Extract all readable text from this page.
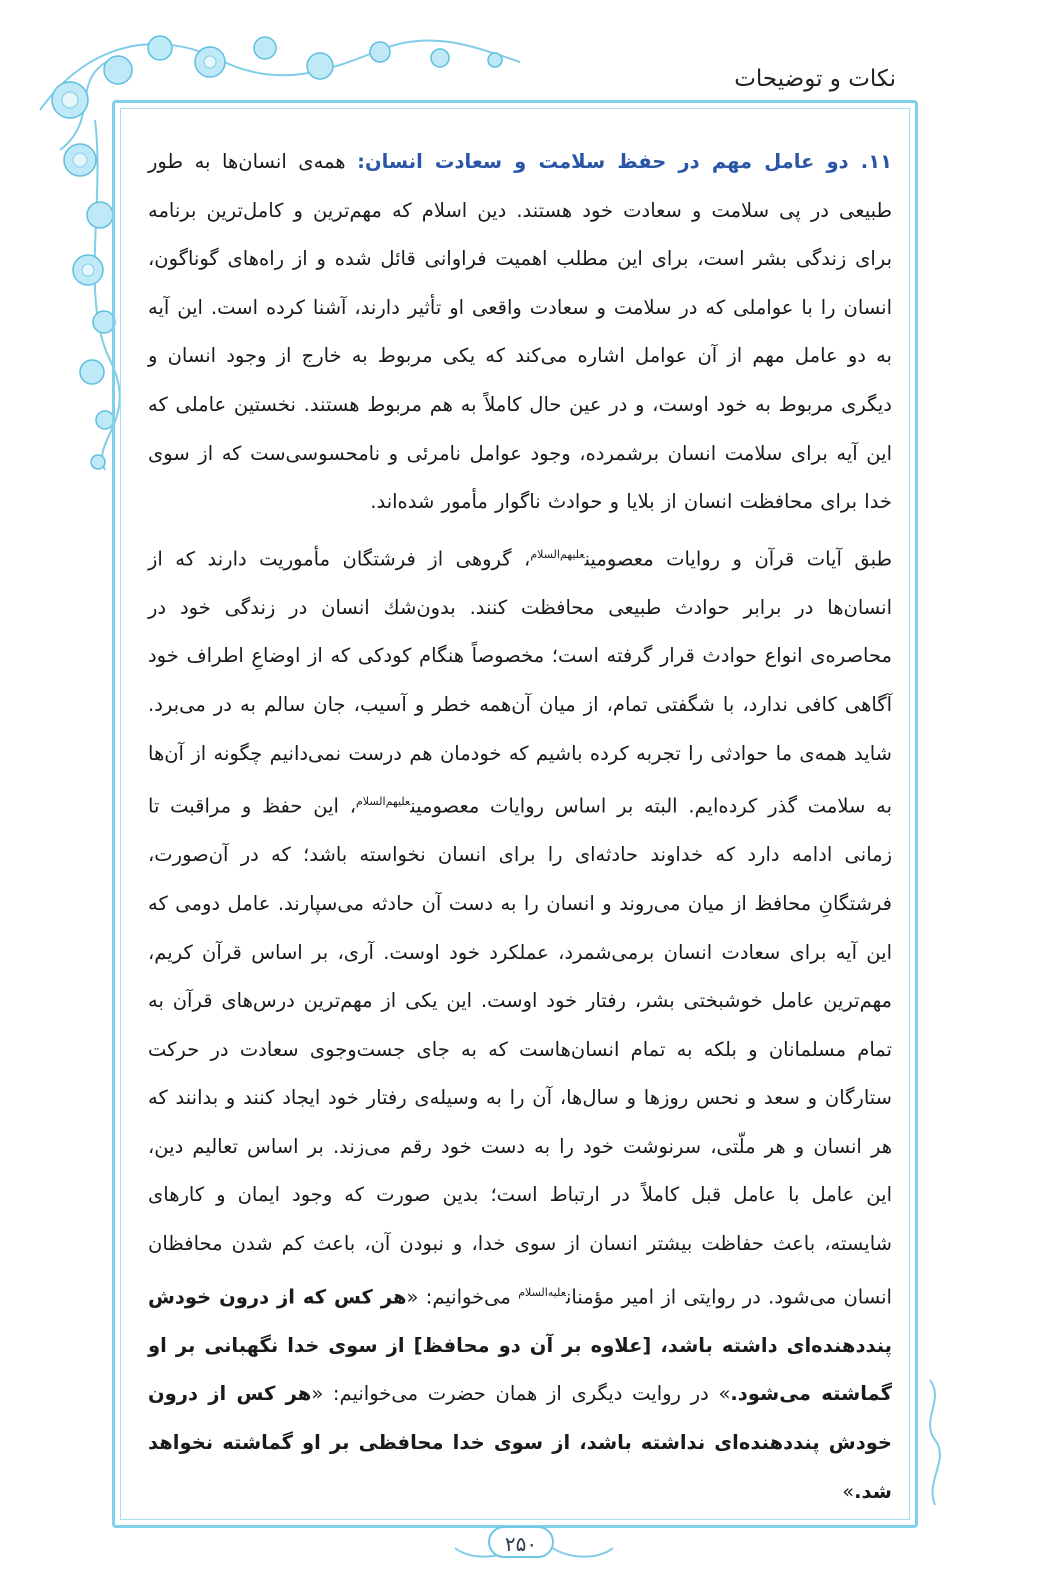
نکات و توضیحات

۱۱. دو عامل مهم در حفظ سلامت و سعادت انسان: همه‌ی انسان‌ها به طور طبیعی در پی سلامت و سعادت خود هستند. دین اسلام که مهم‌ترین و کامل‌ترین برنامه برای زندگی بشر است، برای این مطلب اهمیت فراوانی قائل شده و از راه‌های گوناگون، انسان را با عواملی که در سلامت و سعادت واقعی او تأثیر دارند، آشنا کرده است. این آیه به دو عامل مهم از آن عوامل اشاره می‌کند که یکی مربوط به خارج از وجود انسان و دیگری مربوط به خود اوست، و در عین حال کاملاً به هم مربوط هستند. نخستین عاملی که این آیه برای سلامت انسان برشمرده، وجود عوامل نامرئی و نامحسوسی‌ست که از سوی خدا برای محافظت انسان از بلایا و حوادث ناگوار مأمور شده‌اند.

طبق آیات قرآن و روایات معصومین$^{علیهم‌السلام}$، گروهی از فرشتگان مأموریت دارند که از انسان‌ها در برابر حوادث طبیعی محافظت کنند. بدون‌شك انسان در زندگی خود در محاصره‌ی انواع حوادث قرار گرفته است؛ مخصوصاً هنگام کودکی که از اوضاعِ اطراف خود آگاهی کافی ندارد، با شگفتی تمام، از میان آن‌همه خطر و آسیب، جان سالم به در می‌برد. شاید همه‌ی ما حوادثی را تجربه کرده باشیم که خودمان هم درست نمی‌دانیم چگونه از آن‌ها به سلامت گذر کرده‌ایم. البته بر اساس روایات معصومین$^{علیهم‌السلام}$، این حفظ و مراقبت تا زمانی ادامه دارد که خداوند حادثه‌ای را برای انسان نخواسته باشد؛ که در آن‌صورت، فرشتگانِ محافظ از میان می‌روند و انسان را به دست آن حادثه می‌سپارند. عامل دومی که این آیه برای سعادت انسان برمی‌شمرد، عملکرد خود اوست. آری، بر اساس قرآن کریم، مهم‌ترین عامل خوشبختی بشر، رفتار خود اوست. این یکی از مهم‌ترین درس‌های قرآن به تمام مسلمانان و بلکه به تمام انسان‌هاست که به جای جست‌وجوی سعادت در حرکت ستارگان و سعد و نحس روزها و سال‌ها، آن را به وسیله‌ی رفتار خود ایجاد کنند و بدانند که هر انسان و هر ملّتی، سرنوشت خود را به دست خود رقم می‌زند. بر اساس تعالیم دین، این عامل با عامل قبل کاملاً در ارتباط است؛ بدین صورت که وجود ایمان و کارهای شایسته، باعث حفاظت بیشتر انسان از سوی خدا، و نبودن آن، باعث کم شدن محافظان انسان می‌شود. در روایتی از امیر مؤمنان$^{علیه‌السلام}$ می‌خوانیم: «هر کس که از درون خودش پنددهنده‌ای داشته باشد، [علاوه بر آن دو محافظ] از سوی خدا نگهبانی بر او گماشته می‌شود.» در روایت دیگری از همان حضرت می‌خوانیم: «هر کس از درون خودش پنددهنده‌ای نداشته باشد، از سوی خدا محافظی بر او گماشته نخواهد شد.»

۲۵۰
